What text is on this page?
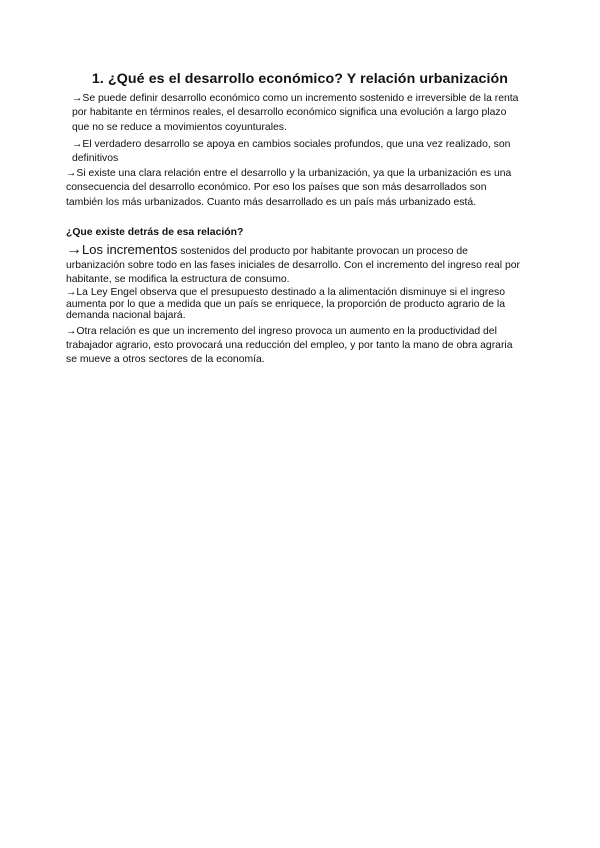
1. ¿Qué es el desarrollo económico? Y relación urbanización

→Se puede definir desarrollo económico como un incremento sostenido e irreversible de la renta por habitante en términos reales, el desarrollo económico significa una evolución a largo plazo que no se reduce a movimientos coyunturales.

→El verdadero desarrollo se apoya en cambios sociales profundos, que una vez realizado, son definitivos

→Si existe una clara relación entre el desarrollo y la urbanización, ya que la urbanización es una consecuencia del desarrollo económico. Por eso los países que son más desarrollados son también los más urbanizados. Cuanto más desarrollado es un país más urbanizado está.

¿Que existe detrás de esa relación?

→Los incrementos sostenidos del producto por habitante provocan un proceso de urbanización sobre todo en las fases iniciales de desarrollo. Con el incremento del ingreso real por habitante, se modifica la estructura de consumo.

→La Ley Engel observa que el presupuesto destinado a la alimentación disminuye si el ingreso aumenta por lo que a medida que un país se enriquece, la proporción de producto agrario de la demanda nacional bajará.

→Otra relación es que un incremento del ingreso provoca un aumento en la productividad del trabajador agrario, esto provocará una reducción del empleo, y por tanto la mano de obra agraria se mueve a otros sectores de la economía.
